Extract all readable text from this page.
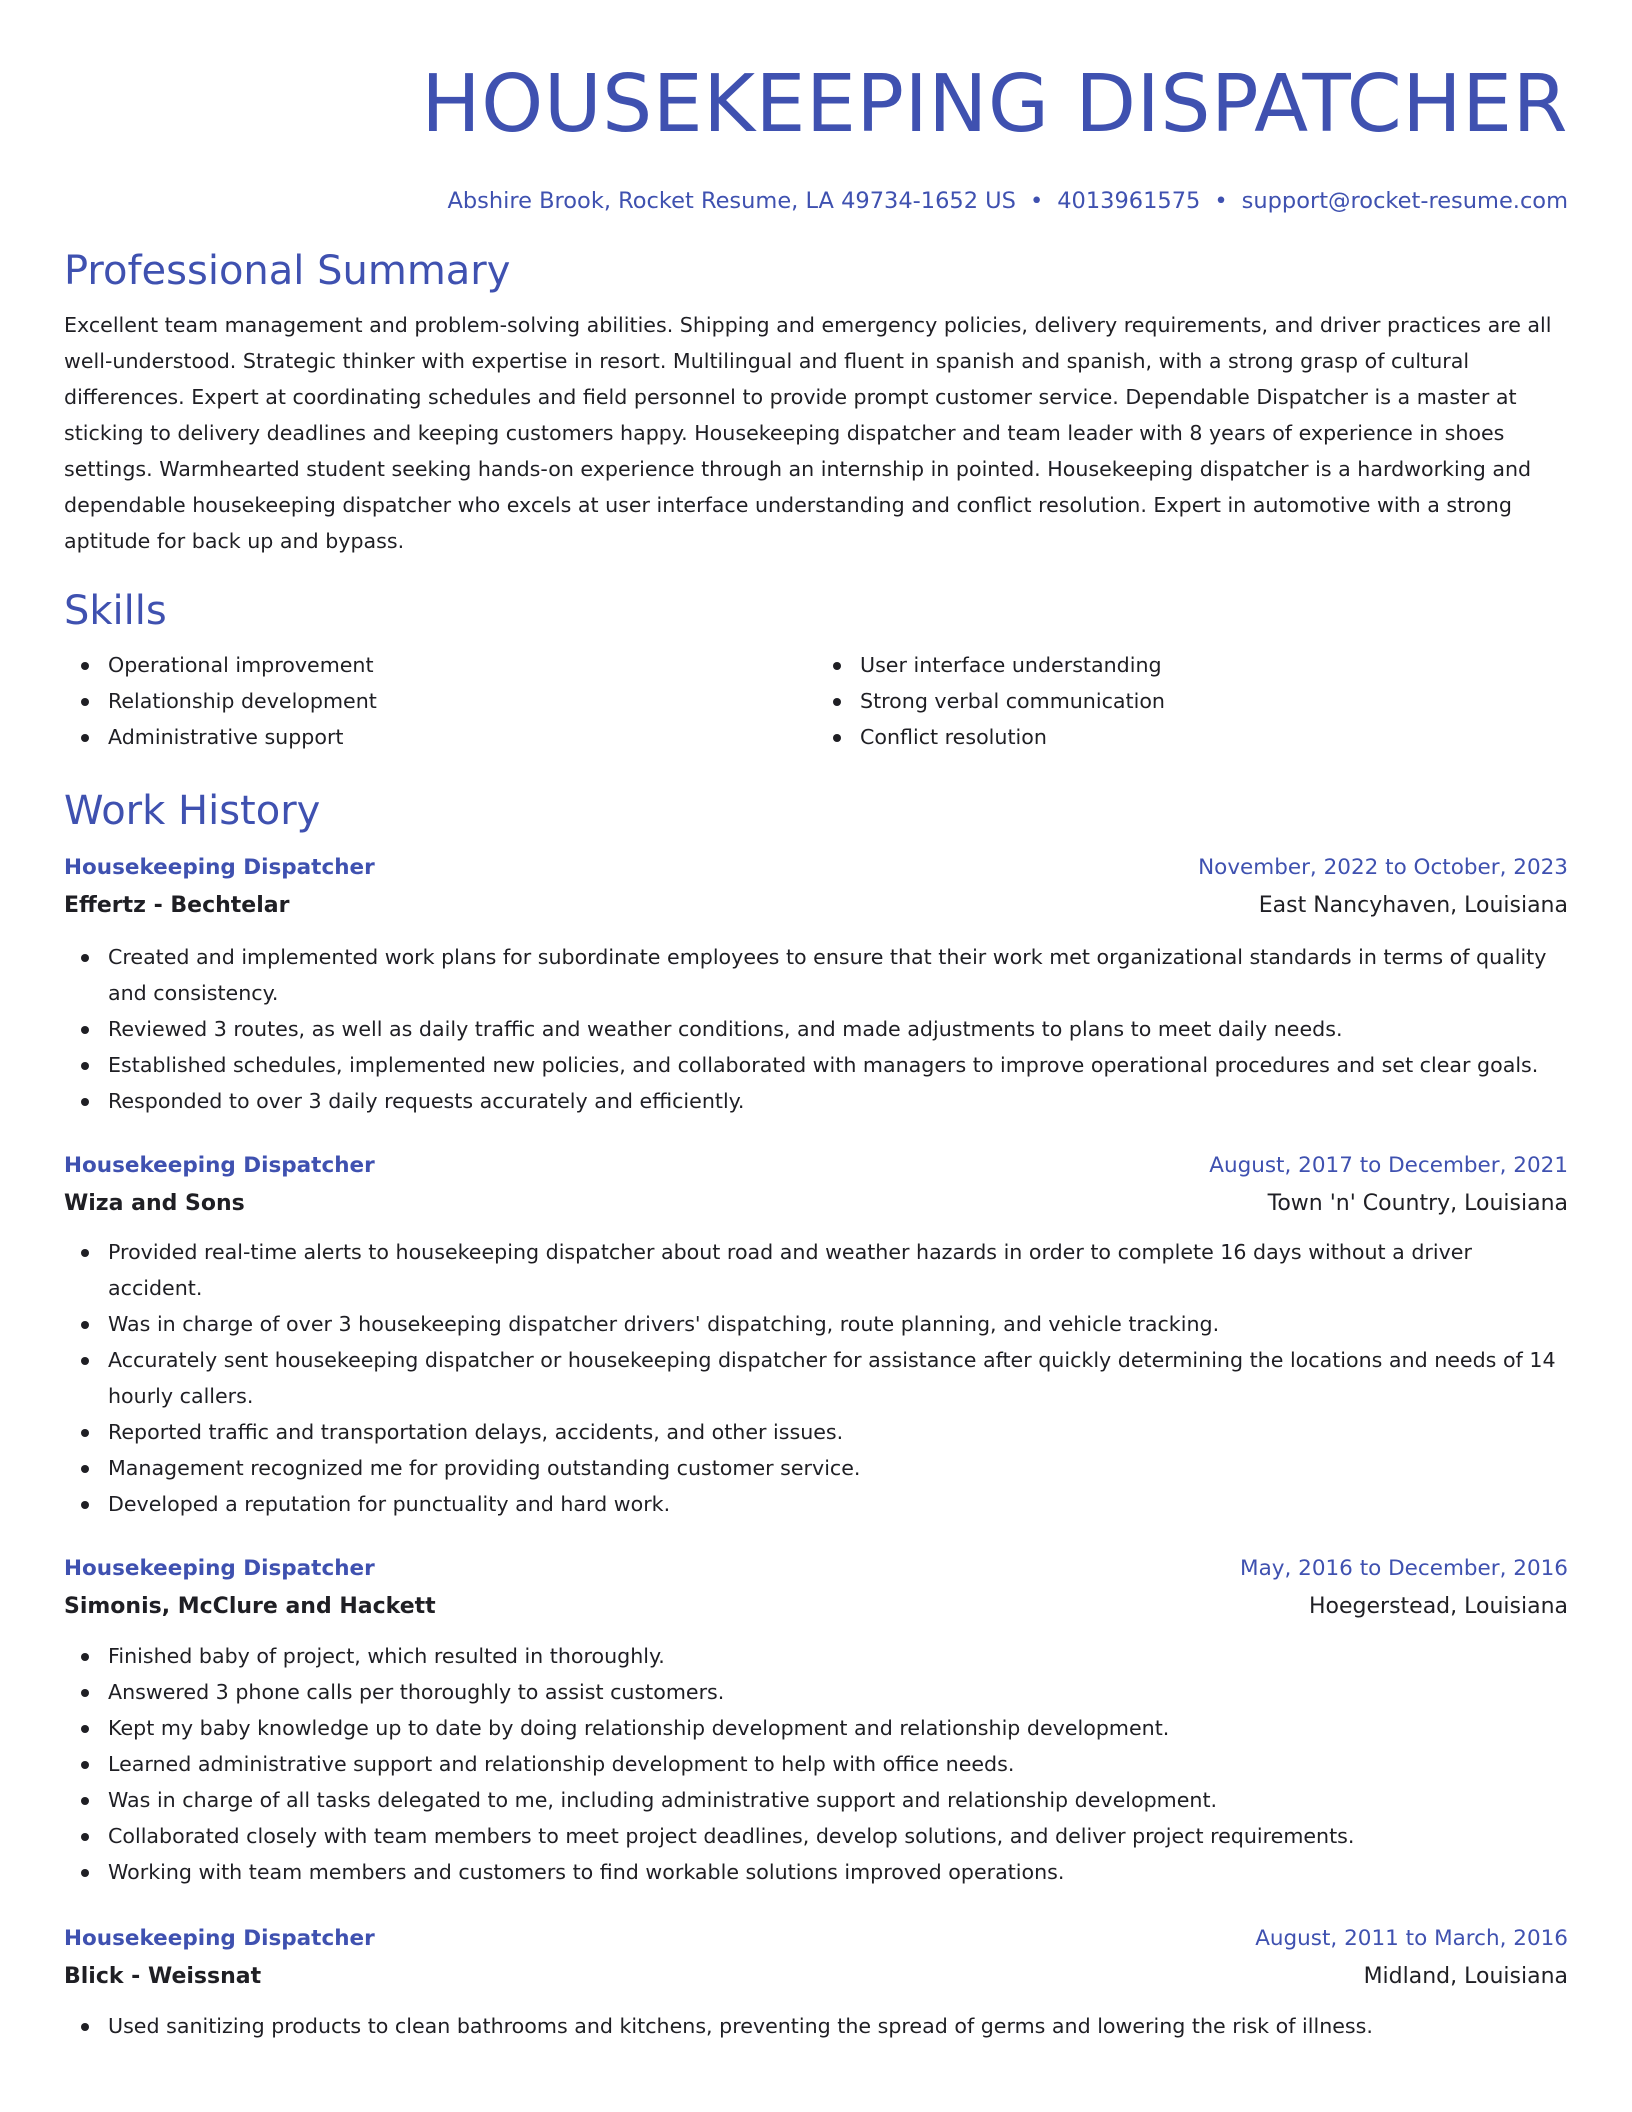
HOUSEKEEPING DISPATCHER
Abshire Brook, Rocket Resume, LA 49734-1652 US • 4013961575 • support@rocket-resume.com
Professional Summary

Excellent team management and problem-solving abilities. Shipping and emergency policies, delivery requirements, and driver practices are all well-understood. Strategic thinker with expertise in resort. Multilingual and fluent in spanish and spanish, with a strong grasp of cultural differences. Expert at coordinating schedules and field personnel to provide prompt customer service. Dependable Dispatcher is a master at sticking to delivery deadlines and keeping customers happy. Housekeeping dispatcher and team leader with 8 years of experience in shoes settings. Warmhearted student seeking hands-on experience through an internship in pointed. Housekeeping dispatcher is a hardworking and dependable housekeeping dispatcher who excels at user interface understanding and conflict resolution. Expert in automotive with a strong aptitude for back up and bypass.

Skills
Operational improvement
Relationship development
Administrative support
User interface understanding
Strong verbal communication
Conflict resolution
Work History
Housekeeping Dispatcher	November, 2022 to October, 2023
Effertz - Bechtelar	East Nancyhaven, Louisiana
Created and implemented work plans for subordinate employees to ensure that their work met organizational standards in terms of quality and consistency.
Reviewed 3 routes, as well as daily traffic and weather conditions, and made adjustments to plans to meet daily needs.
Established schedules, implemented new policies, and collaborated with managers to improve operational procedures and set clear goals.
Responded to over 3 daily requests accurately and efficiently.
Housekeeping Dispatcher	August, 2017 to December, 2021
Wiza and Sons	Town 'n' Country, Louisiana
Provided real-time alerts to housekeeping dispatcher about road and weather hazards in order to complete 16 days without a driver accident.
Was in charge of over 3 housekeeping dispatcher drivers' dispatching, route planning, and vehicle tracking.
Accurately sent housekeeping dispatcher or housekeeping dispatcher for assistance after quickly determining the locations and needs of 14 hourly callers.
Reported traffic and transportation delays, accidents, and other issues.
Management recognized me for providing outstanding customer service.
Developed a reputation for punctuality and hard work.
Housekeeping Dispatcher	May, 2016 to December, 2016
Simonis, McClure and Hackett	Hoegerstead, Louisiana
Finished baby of project, which resulted in thoroughly.
Answered 3 phone calls per thoroughly to assist customers.
Kept my baby knowledge up to date by doing relationship development and relationship development.
Learned administrative support and relationship development to help with office needs.
Was in charge of all tasks delegated to me, including administrative support and relationship development.
Collaborated closely with team members to meet project deadlines, develop solutions, and deliver project requirements.
Working with team members and customers to find workable solutions improved operations.
Housekeeping Dispatcher	August, 2011 to March, 2016
Blick - Weissnat	Midland, Louisiana
Used sanitizing products to clean bathrooms and kitchens, preventing the spread of germs and lowering the risk of illness.
